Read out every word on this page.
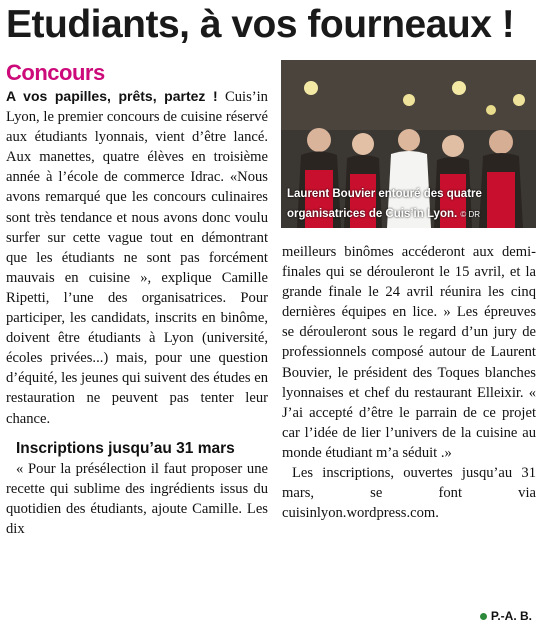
Etudiants, à vos fourneaux !
Concours

A vos papilles, prêts, partez ! Cuis’in Lyon, le premier concours de cuisine réservé aux étudiants lyonnais, vient d’être lancé. Aux manettes, quatre élèves en troisième année à l’école de commerce Idrac. «Nous avons remarqué que les concours culinaires sont très tendance et nous avons donc voulu surfer sur cette vague tout en démontrant que les étudiants ne sont pas forcément mauvais en cuisine », explique Camille Ripetti, l’une des organisatrices. Pour participer, les candidats, inscrits en binôme, doivent être étudiants à Lyon (université, écoles privées...) mais, pour une question d’équité, les jeunes qui suivent des études en restauration ne peuvent pas tenter leur chance.

Inscriptions jusqu’au 31 mars

« Pour la présélection il faut proposer une recette qui sublime des ingrédients issus du quotidien des étudiants, ajoute Camille. Les dix

Laurent Bouvier entouré des quatre
organisatrices de Cuis’in Lyon. © DR

meilleurs binômes accéderont aux demi-finales qui se dérouleront le 15 avril, et la grande finale le 24 avril réunira les cinq dernières équipes en lice. » Les épreuves se dérouleront sous le regard d’un jury de professionnels composé autour de Laurent Bouvier, le président des Toques blanches lyonnaises et chef du restaurant Elleixir. « J’ai accepté d’être le parrain de ce projet car l’idée de lier l’univers de la cuisine au monde étudiant m’a séduit .»

Les inscriptions, ouvertes jusqu’au 31 mars, se font via cuisinlyon.wordpress.com.

P.-A. B.
